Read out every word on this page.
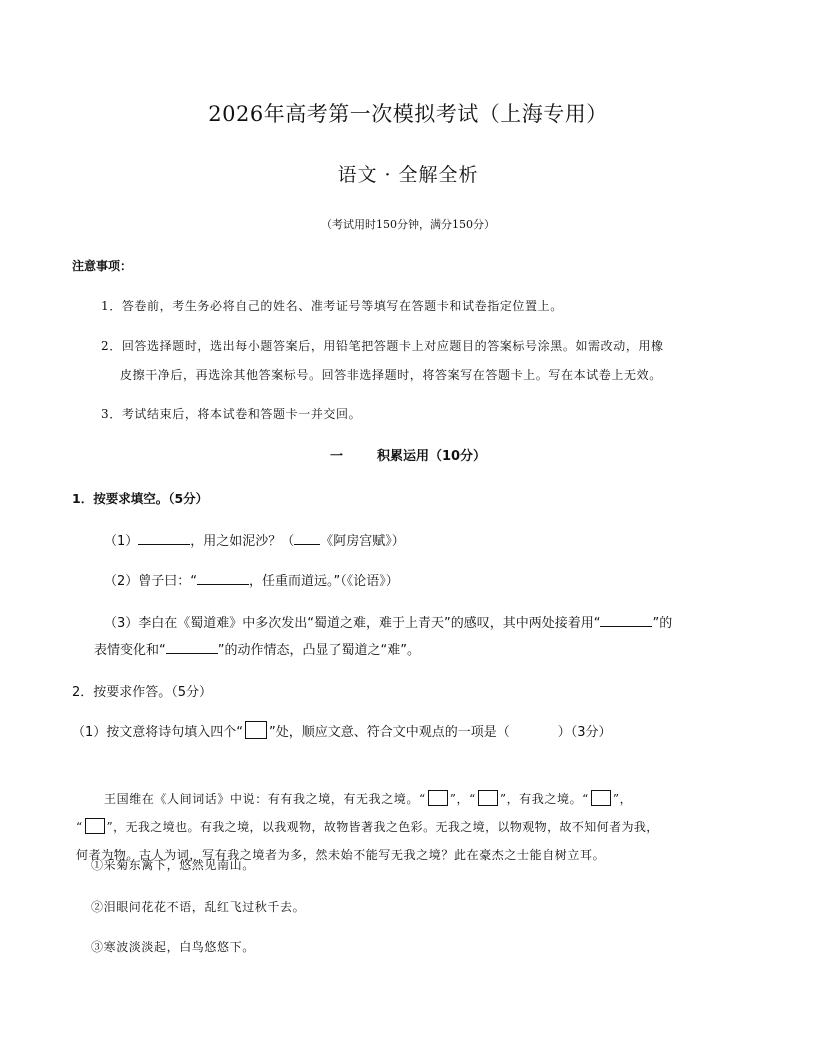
2026年高考第一次模拟考试（上海专用）
语文 · 全解全析
（考试用时150分钟，满分150分）
注意事项：
1．答卷前，考生务必将自己的姓名、准考证号等填写在答题卡和试卷指定位置上。
2．回答选择题时，选出每小题答案后，用铅笔把答题卡上对应题目的答案标号涂黑。如需改动，用橡
皮擦干净后，再选涂其他答案标号。回答非选择题时，将答案写在答题卡上。写在本试卷上无效。
3．考试结束后，将本试卷和答题卡一并交回。
一	积累运用（10分）
1．按要求填空。（5分）
（1）	，用之如泥沙？（ 《阿房宫赋》）
（2）曾子曰：“	，任重而道远。”（《论语》）
（3）李白在《蜀道难》中多次发出“蜀道之难，难于上青天”的感叹，其中两处接着用“	”的
表情变化和“	”的动作情态，凸显了蜀道之“难”。
2．按要求作答。（5分）
（1）按文意将诗句填入四个“ ”处，顺应文意、符合文中观点的一项是（	）（3分）
王国维在《人间词话》中说：有有我之境，有无我之境。“ ”，“ ”，有我之境。“ ”，
“ ”，无我之境也。有我之境，以我观物，故物皆著我之色彩。无我之境，以物观物，故不知何者为我，
何者为物。古人为词，写有我之境者为多，然未始不能写无我之境？此在豪杰之士能自树立耳。
①采菊东篱下，悠然见南山。
②泪眼问花花不语，乱红飞过秋千去。
③寒波淡淡起，白鸟悠悠下。
